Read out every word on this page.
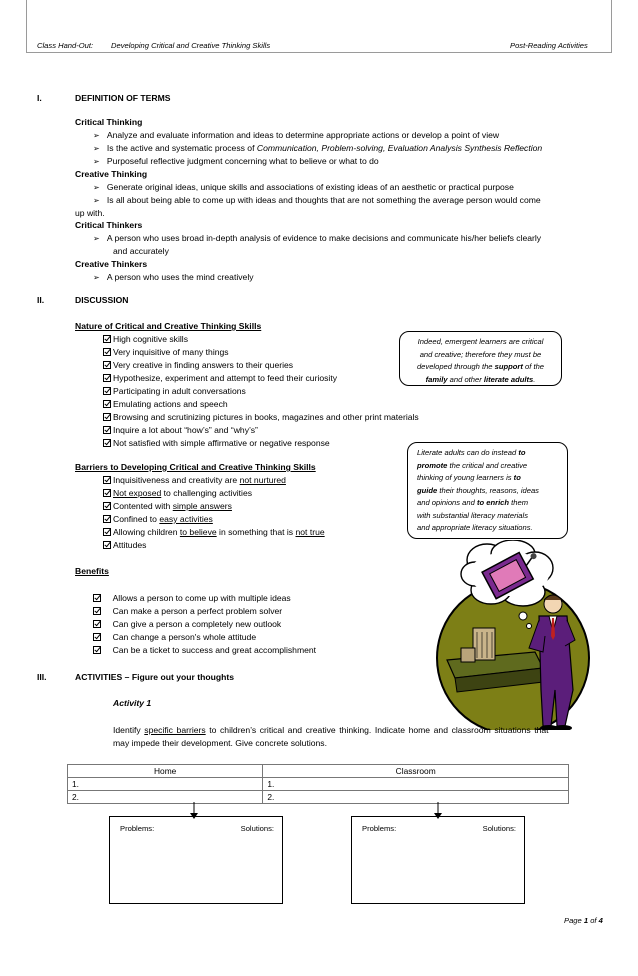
Class Hand-Out: Developing Critical and Creative Thinking Skills	Post-Reading Activities
I.	DEFINITION OF TERMS
Critical Thinking
➢ Analyze and evaluate information and ideas to determine appropriate actions or develop a point of view
➢ Is the active and systematic process of Communication, Problem-solving, Evaluation Analysis Synthesis Reflection
➢ Purposeful reflective judgment concerning what to believe or what to do
Creative Thinking
➢ Generate original ideas, unique skills and associations of existing ideas of an aesthetic or practical purpose
➢ Is all about being able to come up with ideas and thoughts that are not something the average person would come
up with.
Critical Thinkers
➢ A person who uses broad in-depth analysis of evidence to make decisions and communicate his/her beliefs clearly
and accurately
Creative Thinkers
➢ A person who uses the mind creatively
II.	DISCUSSION
Nature of Critical and Creative Thinking Skills
High cognitive skills
Very inquisitive of many things
Very creative in finding answers to their queries
Hypothesize, experiment and attempt to feed their curiosity
Participating in adult conversations
Emulating actions and speech
Browsing and scrutinizing pictures in books, magazines and other print materials
Inquire a lot about “how’s” and “why’s”
Not satisfied with simple affirmative or negative response
Barriers to Developing Critical and Creative Thinking Skills
Inquisitiveness and creativity are not nurtured
Not exposed to challenging activities
Contented with simple answers
Confined to easy activities
Allowing children to believe in something that is not true
Attitudes
Benefits
Allows a person to come up with multiple ideas
Can make a person a perfect problem solver
Can give a person a completely new outlook
Can change a person's whole attitude
Can be a ticket to success and great accomplishment
Indeed, emergent learners are critical
and creative; therefore they must be
developed through the support of the
family and other literate adults.
Literate adults can do instead to
promote the critical and creative
thinking of young learners is to
guide their thoughts, reasons, ideas
and opinions and to enrich them
with substantial literacy materials
and appropriate literacy situations.
III.	ACTIVITIES – Figure out your thoughts
Activity 1
Identify specific barriers to children’s critical and creative thinking. Indicate home and classroom situations that
may impede their development. Give concrete solutions.
Home	Classroom
1.	1.
2.	2.
Problems:	Solutions:	Problems:	Solutions:
Page 1 of 4
